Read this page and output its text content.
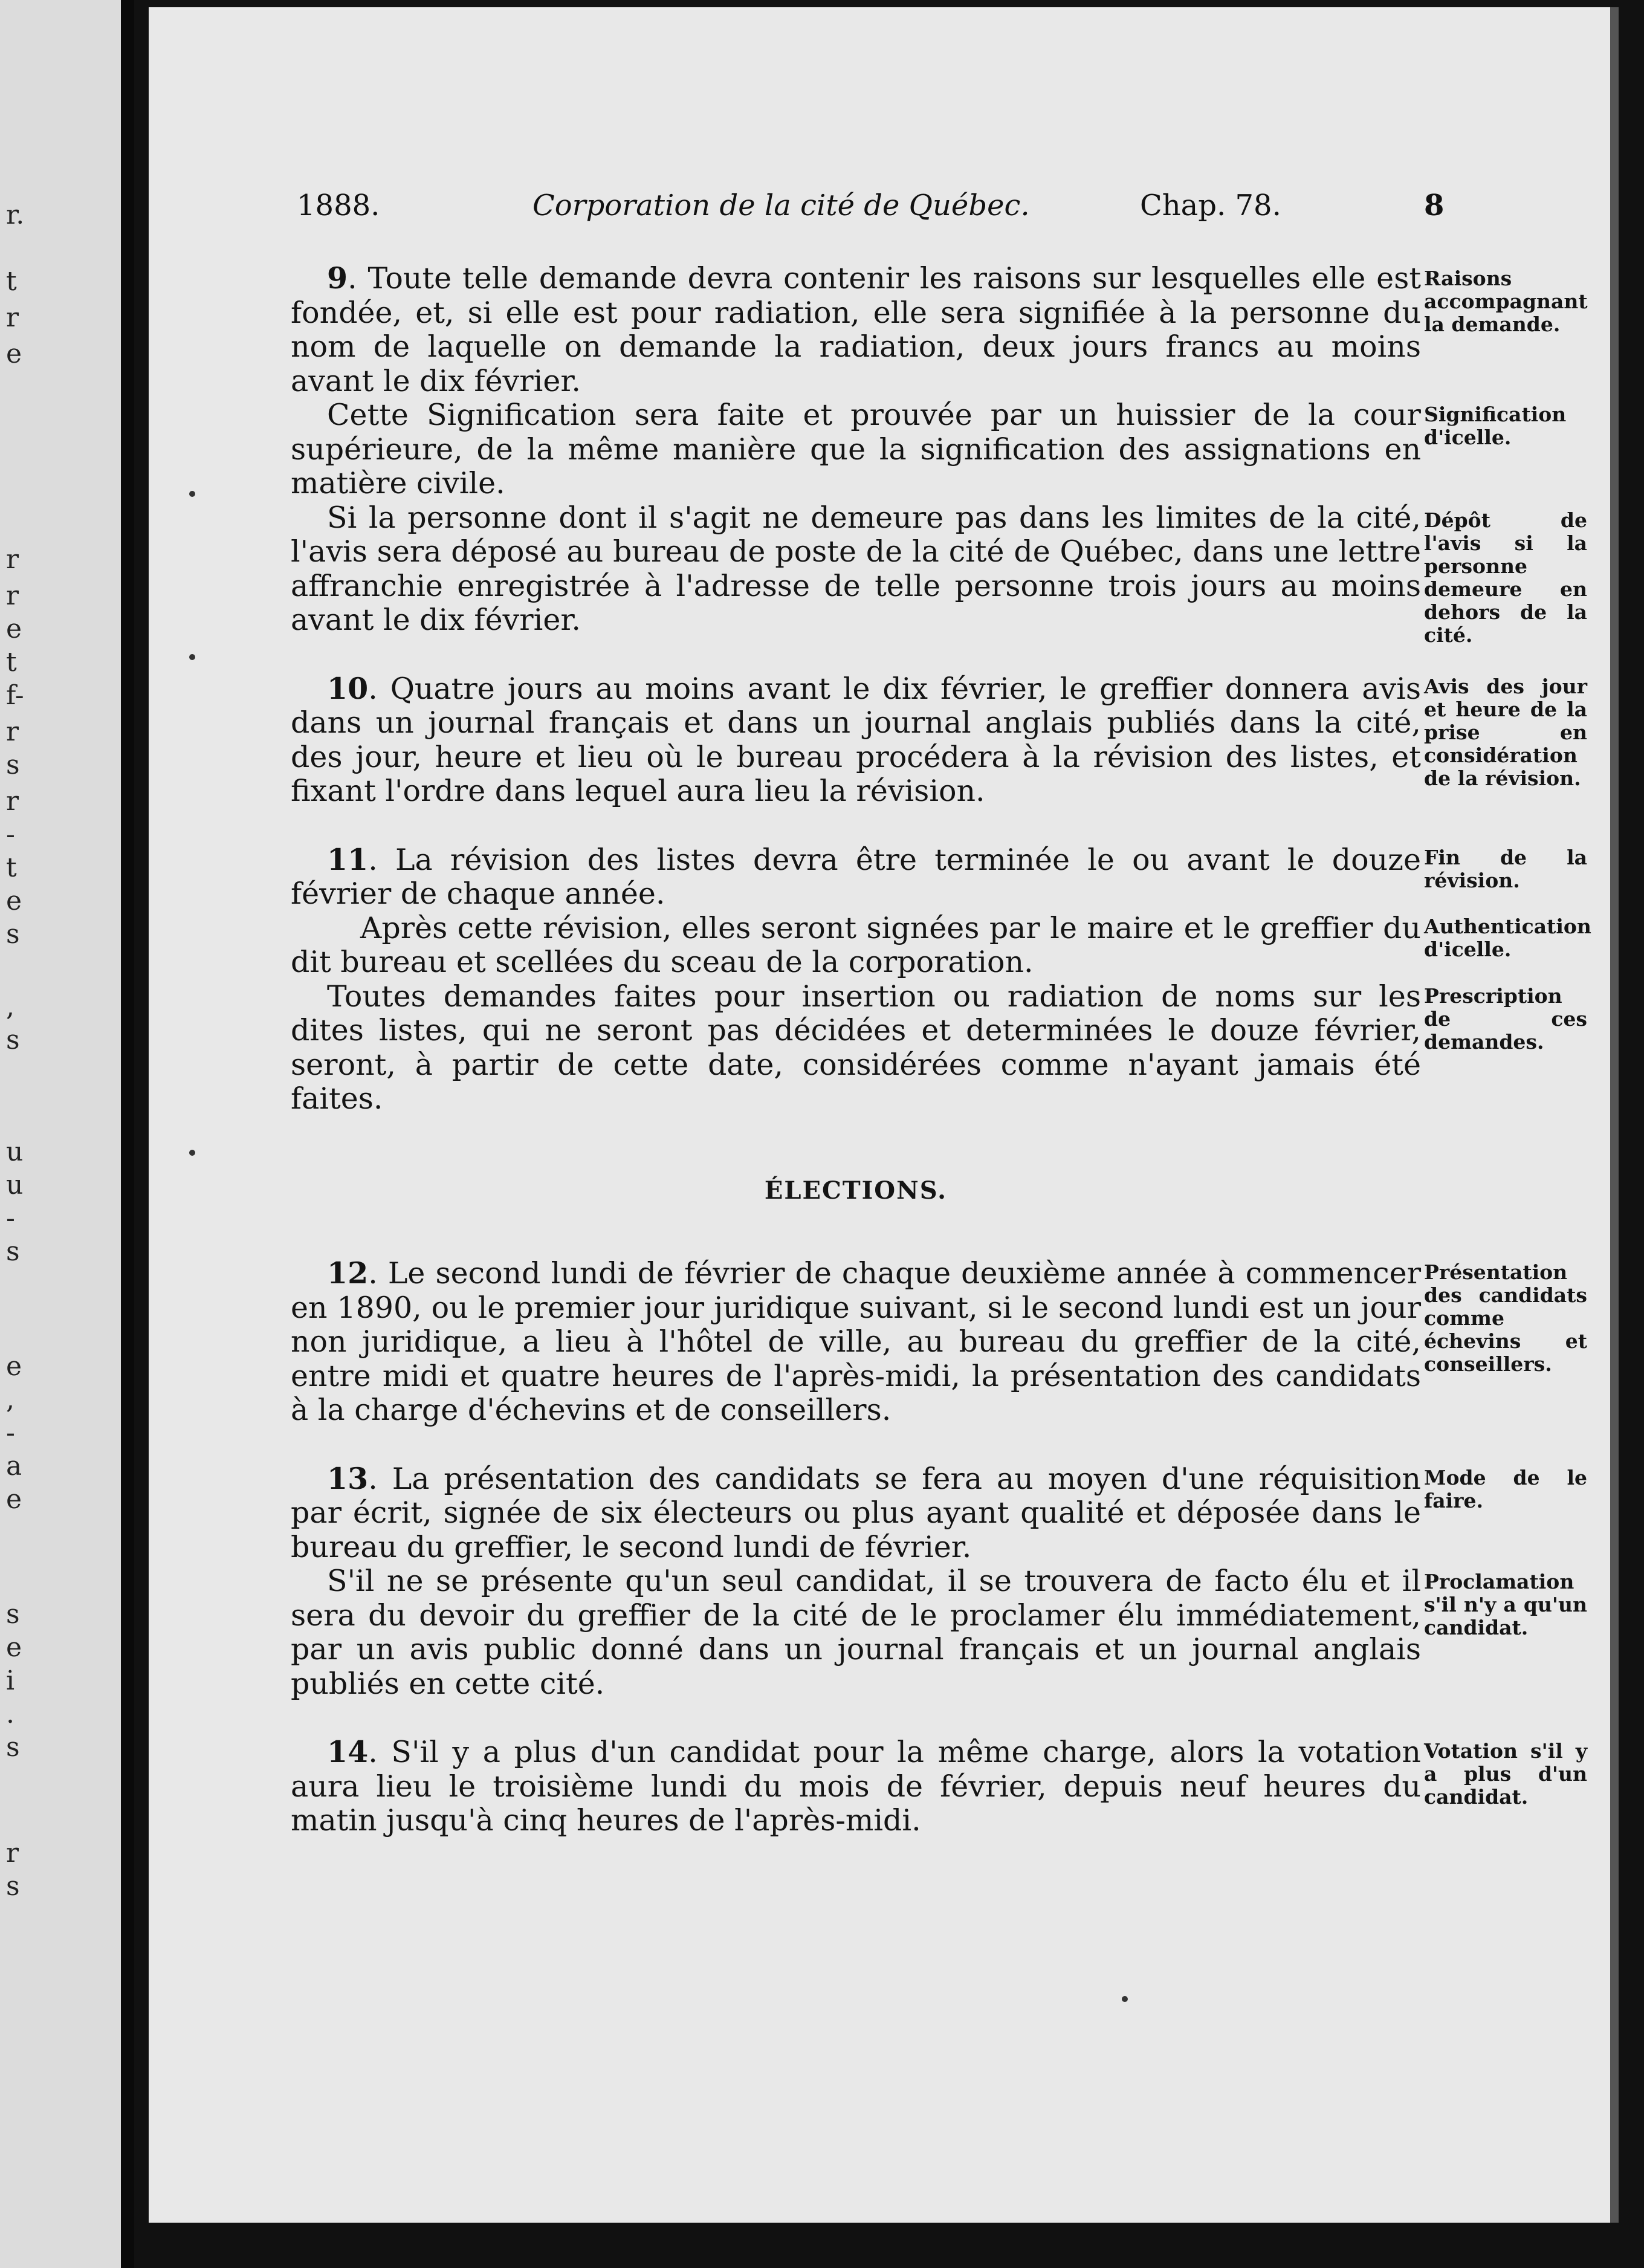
r.
t
r
e
r
r
e
t
f-
r
s
r
-
t
e
s
,
s
u
u
-
s
e
,
-
a
e
s
e
i
.
s
r
s
1888.	Corporation de la cité de Québec.	Chap. 78.	8

9. Toute telle demande devra contenir les raisons sur lesquelles elle est fondée, et, si elle est pour radiation, elle sera signifiée à la personne du nom de laquelle on demande la radiation, deux jours francs au moins avant le dix février.

Cette Signification sera faite et prouvée par un huissier de la cour supérieure, de la même manière que la signification des assignations en matière civile.

Si la personne dont il s'agit ne demeure pas dans les limites de la cité, l'avis sera déposé au bureau de poste de la cité de Québec, dans une lettre affranchie enregistrée à l'adresse de telle personne trois jours au moins avant le dix février.

Raisons accompagnant la demande.
Signification d'icelle.
Dépôt de l'avis si la personne demeure en dehors de la cité.

10. Quatre jours au moins avant le dix février, le greffier donnera avis dans un journal français et dans un journal anglais publiés dans la cité, des jour, heure et lieu où le bureau procédera à la révision des listes, et fixant l'ordre dans lequel aura lieu la révision.

Avis des jour et heure de la prise en considération de la révision.

11. La révision des listes devra être terminée le ou avant le douze février de chaque année.

Après cette révision, elles seront signées par le maire et le greffier du dit bureau et scellées du sceau de la corporation.

Toutes demandes faites pour insertion ou radiation de noms sur les dites listes, qui ne seront pas décidées et determinées le douze février, seront, à partir de cette date, considérées comme n'ayant jamais été faites.

Fin de la révision.
Authentication d'icelle.
Prescription de ces demandes.

ÉLECTIONS.

12. Le second lundi de février de chaque deuxième année à commencer en 1890, ou le premier jour juridique suivant, si le second lundi est un jour non juridique, a lieu à l'hôtel de ville, au bureau du greffier de la cité, entre midi et quatre heures de l'après-midi, la présentation des candidats à la charge d'échevins et de conseillers.

Présentation des candidats comme échevins et conseillers.

13. La présentation des candidats se fera au moyen d'une réquisition par écrit, signée de six électeurs ou plus ayant qualité et déposée dans le bureau du greffier, le second lundi de février.

S'il ne se présente qu'un seul candidat, il se trouvera de facto élu et il sera du devoir du greffier de la cité de le proclamer élu immédiatement, par un avis public donné dans un journal français et un journal anglais publiés en cette cité.

Mode de le faire.
Proclamation s'il n'y a qu'un candidat.

14. S'il y a plus d'un candidat pour la même charge, alors la votation aura lieu le troisième lundi du mois de février, depuis neuf heures du matin jusqu'à cinq heures de l'après-midi.

Votation s'il y a plus d'un candidat.
